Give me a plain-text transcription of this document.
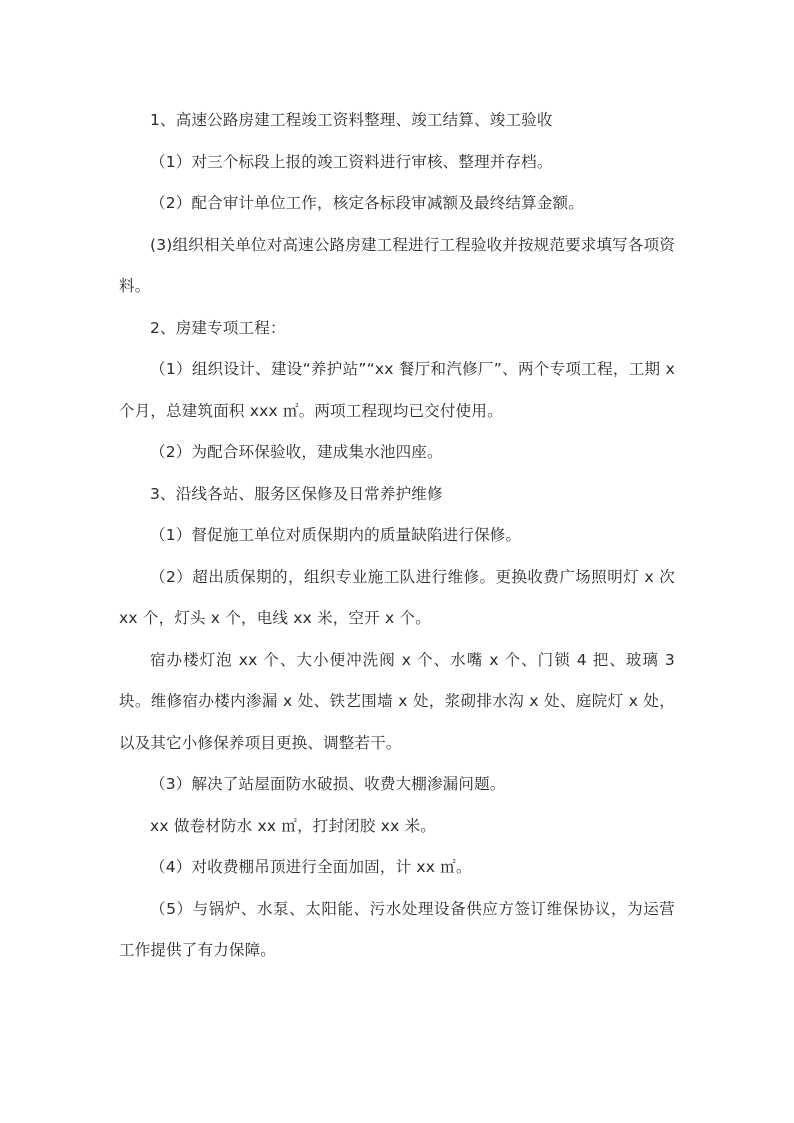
1、高速公路房建工程竣工资料整理、竣工结算、竣工验收

（1）对三个标段上报的竣工资料进行审核、整理并存档。

（2）配合审计单位工作，核定各标段审减额及最终结算金额。

(3)组织相关单位对高速公路房建工程进行工程验收并按规范要求填写各项资料。

2、房建专项工程：

（1）组织设计、建设“养护站”“xx 餐厅和汽修厂”、两个专项工程，工期 x 个月，总建筑面积 xxx ㎡。两项工程现均已交付使用。

（2）为配合环保验收，建成集水池四座。

3、沿线各站、服务区保修及日常养护维修

（1）督促施工单位对质保期内的质量缺陷进行保修。

（2）超出质保期的，组织专业施工队进行维修。更换收费广场照明灯 x 次 xx 个，灯头 x 个，电线 xx 米，空开 x 个。

宿办楼灯泡 xx 个、大小便冲洗阀 x 个、水嘴 x 个、门锁 4 把、玻璃 3 块。维修宿办楼内渗漏 x 处、铁艺围墙 x 处，浆砌排水沟 x 处、庭院灯 x 处，以及其它小修保养项目更换、调整若干。

（3）解决了站屋面防水破损、收费大棚渗漏问题。

xx 做卷材防水 xx ㎡，打封闭胶 xx 米。

（4）对收费棚吊顶进行全面加固，计 xx ㎡。

（5）与锅炉、水泵、太阳能、污水处理设备供应方签订维保协议，为运营工作提供了有力保障。
